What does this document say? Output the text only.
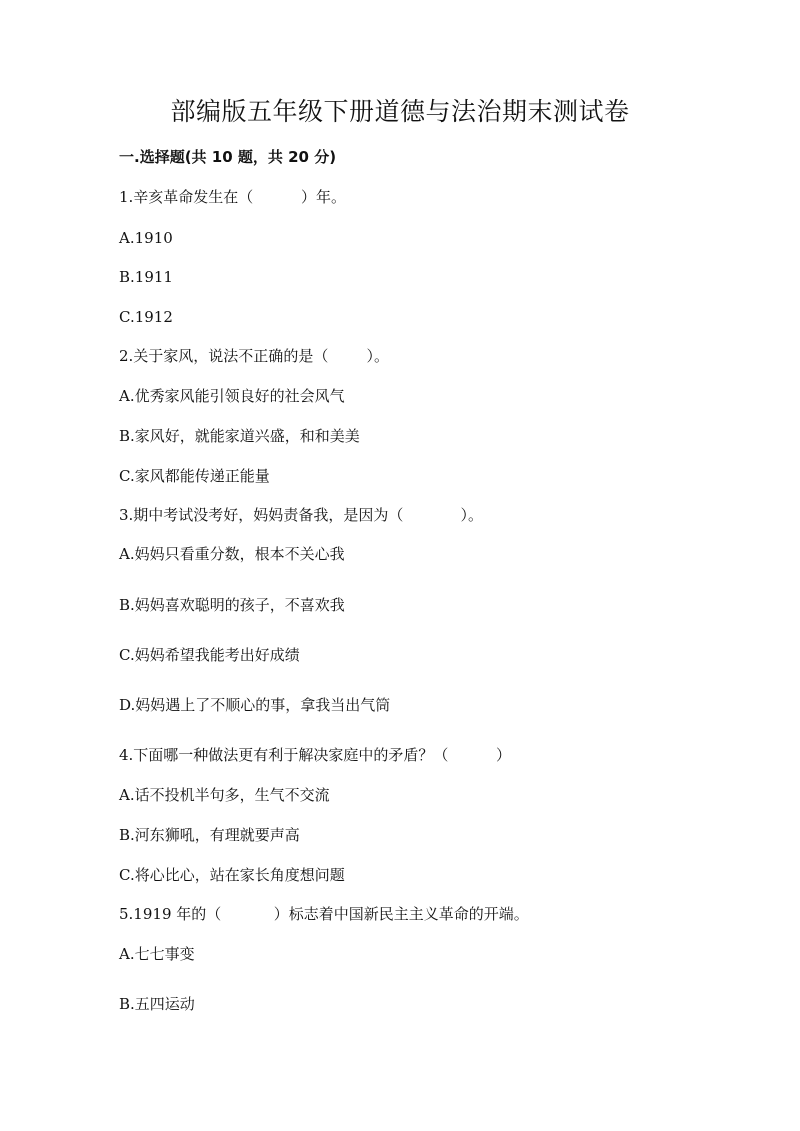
部编版五年级下册道德与法治期末测试卷
一.选择题(共 10 题，共 20 分)
1.辛亥革命发生在（          ）年。
A.1910
B.1911
C.1912
2.关于家风，说法不正确的是（        ）。
A.优秀家风能引领良好的社会风气
B.家风好，就能家道兴盛，和和美美
C.家风都能传递正能量
3.期中考试没考好，妈妈责备我，是因为（            ）。
A.妈妈只看重分数，根本不关心我
B.妈妈喜欢聪明的孩子，不喜欢我
C.妈妈希望我能考出好成绩
D.妈妈遇上了不顺心的事，拿我当出气筒
4.下面哪一种做法更有利于解决家庭中的矛盾？（          ）
A.话不投机半句多，生气不交流
B.河东狮吼，有理就要声高
C.将心比心，站在家长角度想问题
5.1919 年的（           ）标志着中国新民主主义革命的开端。
A.七七事变
B.五四运动
